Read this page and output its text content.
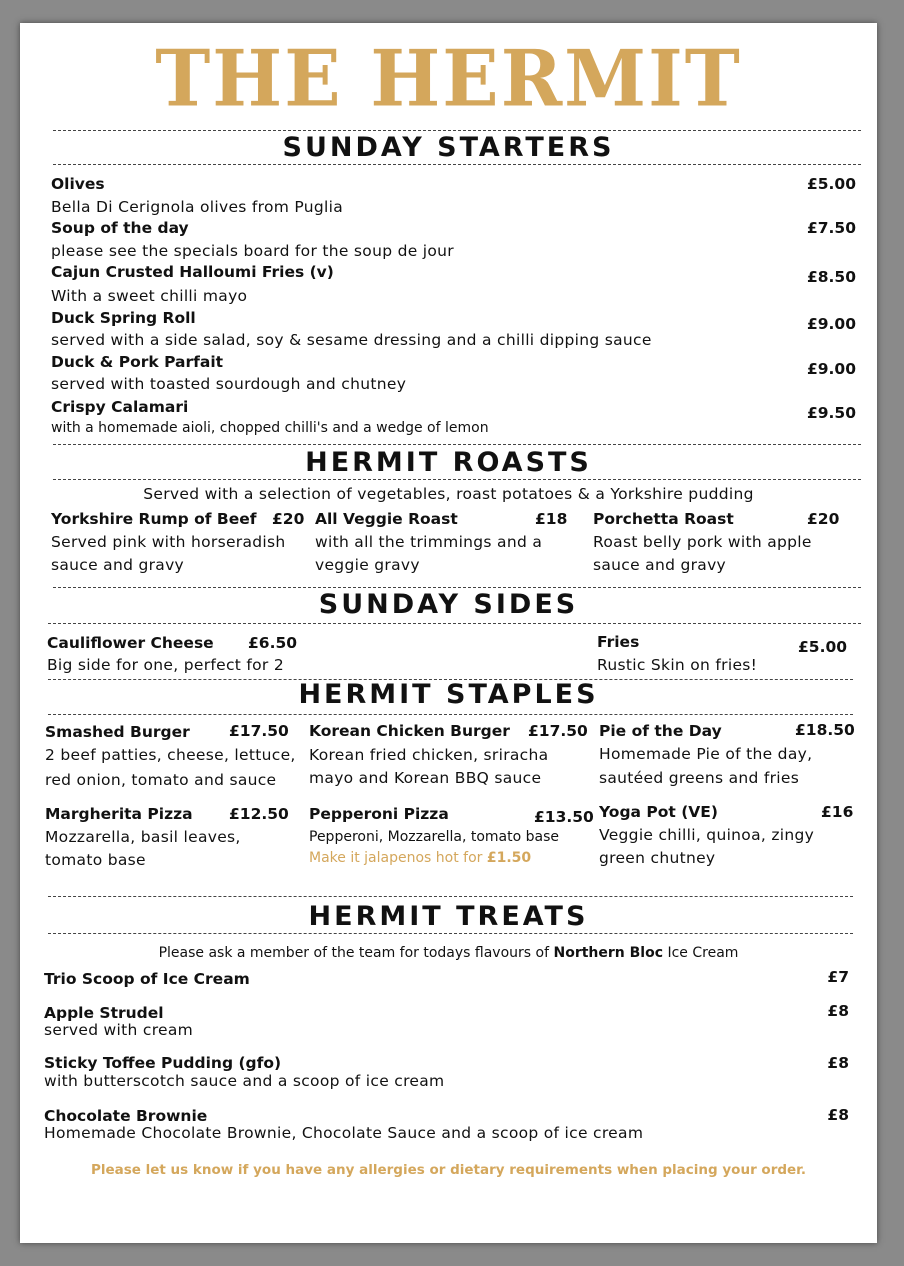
THE HERMIT
SUNDAY STARTERS
Olives
Bella Di Cerignola olives from Puglia
£5.00
Soup of the day
please see the specials board for the soup de jour
£7.50
Cajun Crusted Halloumi Fries (v)
With a sweet chilli mayo
£8.50
Duck Spring Roll
served with a side salad, soy & sesame dressing and a chilli dipping sauce
£9.00
Duck & Pork Parfait
served with toasted sourdough and chutney
£9.00
Crispy Calamari
with a homemade aioli, chopped chilli's and a wedge of lemon
£9.50
HERMIT ROASTS
Served with a selection of vegetables, roast potatoes & a Yorkshire pudding
Yorkshire Rump of Beef £20
Served pink with horseradish
sauce and gravy
All Veggie Roast	£18
with all the trimmings and a
veggie gravy
Porchetta Roast	£20
Roast belly pork with apple
sauce and gravy
SUNDAY SIDES
Cauliflower Cheese £6.50
Big side for one, perfect for 2
Fries	£5.00
Rustic Skin on fries!
HERMIT STAPLES
Smashed Burger	£17.50
2 beef patties, cheese, lettuce,
red onion, tomato and sauce
Korean Chicken Burger £17.50
Korean fried chicken, sriracha
mayo and Korean BBQ sauce
Pie of the Day	£18.50
Homemade Pie of the day,
sautéed greens and fries
Margherita Pizza £12.50
Mozzarella, basil leaves,
tomato base
Pepperoni Pizza	£13.50
Pepperoni, Mozzarella, tomato base
Make it jalapenos hot for £1.50
Yoga Pot (VE)	£16
Veggie chilli, quinoa, zingy
green chutney
HERMIT TREATS
Please ask a member of the team for todays flavours of Northern Bloc Ice Cream
Trio Scoop of Ice Cream	£7
Apple Strudel
served with cream
£8
Sticky Toffee Pudding (gfo)
with butterscotch sauce and a scoop of ice cream
£8
Chocolate Brownie
Homemade Chocolate Brownie, Chocolate Sauce and a scoop of ice cream
£8
Please let us know if you have any allergies or dietary requirements when placing your order.
